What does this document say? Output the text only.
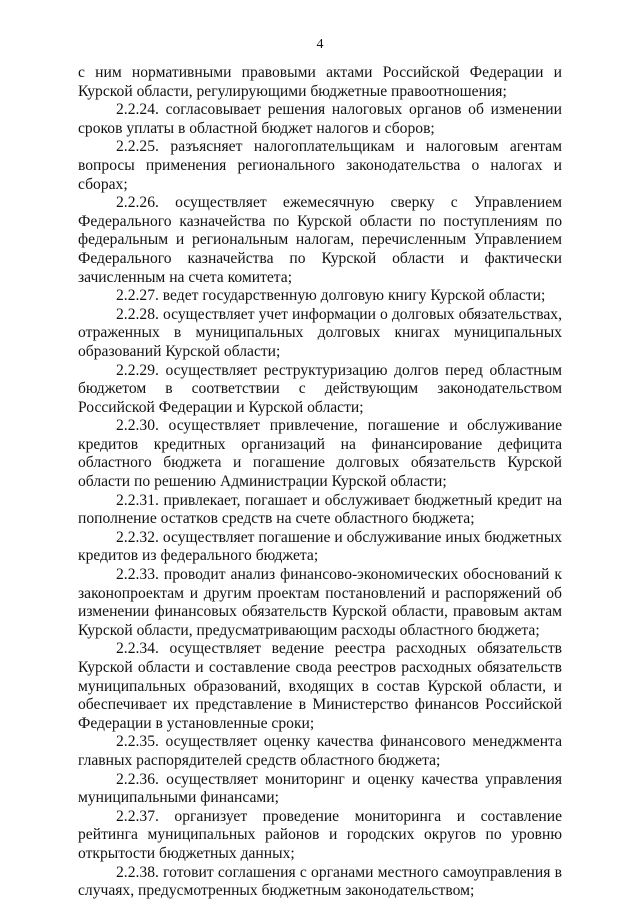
4

с ним нормативными правовыми актами Российской Федерации и Курской области, регулирующими бюджетные правоотношения;

2.2.24. согласовывает решения налоговых органов об изменении сроков уплаты в областной бюджет налогов и сборов;

2.2.25. разъясняет налогоплательщикам и налоговым агентам вопросы применения регионального законодательства о налогах и сборах;

2.2.26. осуществляет ежемесячную сверку с Управлением Федерального казначейства по Курской области по поступлениям по федеральным и региональным налогам, перечисленным Управлением Федерального казначейства по Курской области и фактически зачисленным на счета комитета;

2.2.27. ведет государственную долговую книгу Курской области;

2.2.28. осуществляет учет информации о долговых обязательствах, отраженных в муниципальных долговых книгах муниципальных образований Курской области;

2.2.29. осуществляет реструктуризацию долгов перед областным бюджетом в соответствии с действующим законодательством Российской Федерации и Курской области;

2.2.30. осуществляет привлечение, погашение и обслуживание кредитов кредитных организаций на финансирование дефицита областного бюджета и погашение долговых обязательств Курской области по решению Администрации Курской области;

2.2.31. привлекает, погашает и обслуживает бюджетный кредит на пополнение остатков средств на счете областного бюджета;

2.2.32. осуществляет погашение и обслуживание иных бюджетных кредитов из федерального бюджета;

2.2.33. проводит анализ финансово-экономических обоснований к законопроектам и другим проектам постановлений и распоряжений об изменении финансовых обязательств Курской области, правовым актам Курской области, предусматривающим расходы областного бюджета;

2.2.34. осуществляет ведение реестра расходных обязательств Курской области и составление свода реестров расходных обязательств муниципальных образований, входящих в состав Курской области, и обеспечивает их представление в Министерство финансов Российской Федерации в установленные сроки;

2.2.35. осуществляет оценку качества финансового менеджмента главных распорядителей средств областного бюджета;

2.2.36. осуществляет мониторинг и оценку качества управления муниципальными финансами;

2.2.37. организует проведение мониторинга и составление рейтинга муниципальных районов и городских округов по уровню открытости бюджетных данных;

2.2.38. готовит соглашения с органами местного самоуправления в случаях, предусмотренных бюджетным законодательством;
